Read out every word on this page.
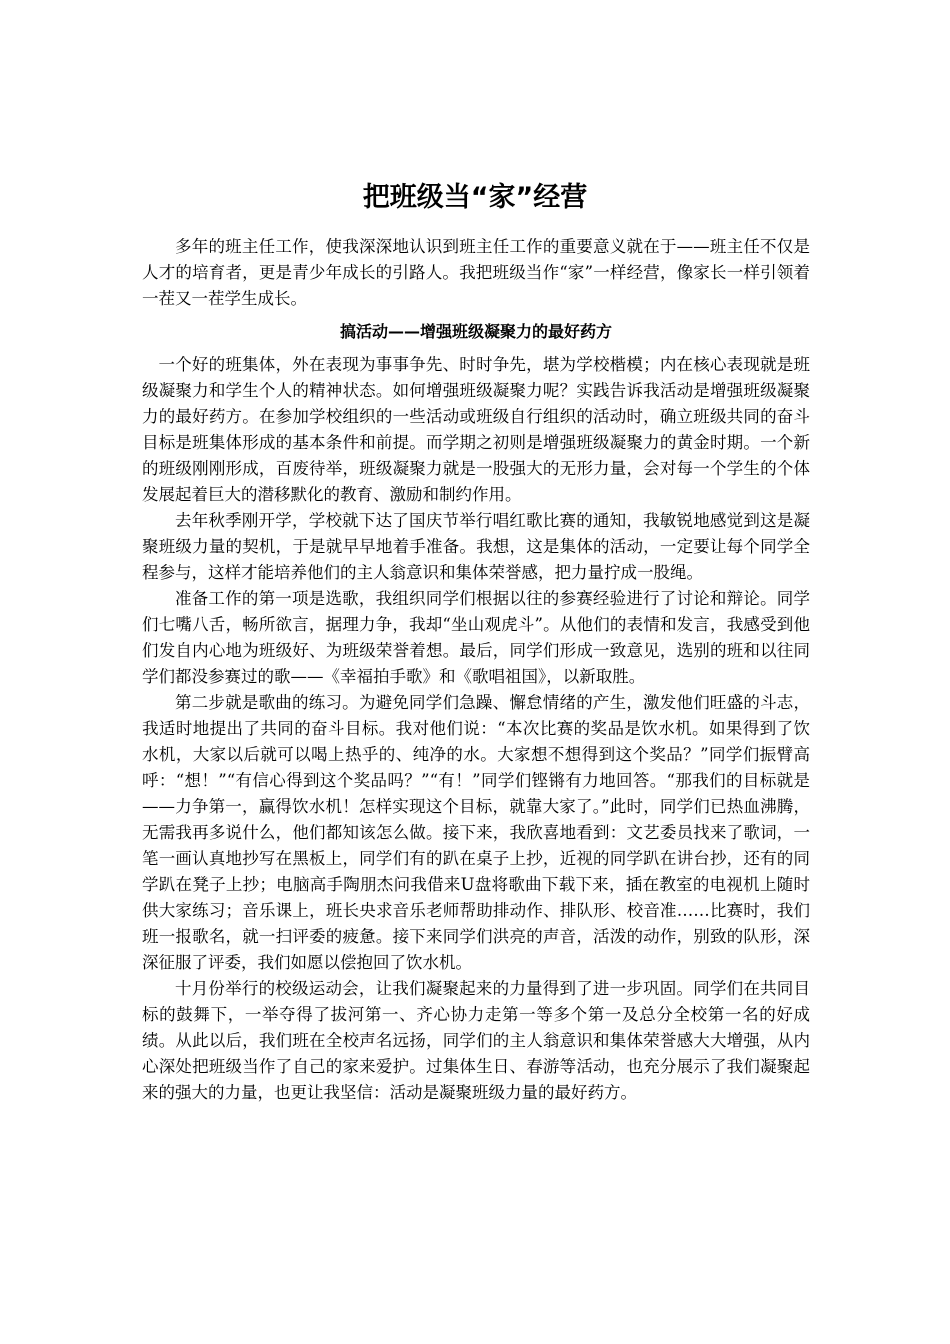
把班级当“家”经营

多年的班主任工作，使我深深地认识到班主任工作的重要意义就在于——班主任不仅是人才的培育者，更是青少年成长的引路人。我把班级当作“家”一样经营，像家长一样引领着一茬又一茬学生成长。

搞活动——增强班级凝聚力的最好药方

一个好的班集体，外在表现为事事争先、时时争先，堪为学校楷模；内在核心表现就是班级凝聚力和学生个人的精神状态。如何增强班级凝聚力呢？实践告诉我活动是增强班级凝聚力的最好药方。在参加学校组织的一些活动或班级自行组织的活动时，确立班级共同的奋斗目标是班集体形成的基本条件和前提。而学期之初则是增强班级凝聚力的黄金时期。一个新的班级刚刚形成，百废待举，班级凝聚力就是一股强大的无形力量，会对每一个学生的个体发展起着巨大的潜移默化的教育、激励和制约作用。

去年秋季刚开学，学校就下达了国庆节举行唱红歌比赛的通知，我敏锐地感觉到这是凝聚班级力量的契机，于是就早早地着手准备。我想，这是集体的活动，一定要让每个同学全程参与，这样才能培养他们的主人翁意识和集体荣誉感，把力量拧成一股绳。

准备工作的第一项是选歌，我组织同学们根据以往的参赛经验进行了讨论和辩论。同学们七嘴八舌，畅所欲言，据理力争，我却“坐山观虎斗”。从他们的表情和发言，我感受到他们发自内心地为班级好、为班级荣誉着想。最后，同学们形成一致意见，选别的班和以往同学们都没参赛过的歌——《幸福拍手歌》和《歌唱祖国》，以新取胜。

第二步就是歌曲的练习。为避免同学们急躁、懈怠情绪的产生，激发他们旺盛的斗志，我适时地提出了共同的奋斗目标。我对他们说：“本次比赛的奖品是饮水机。如果得到了饮水机，大家以后就可以喝上热乎的、纯净的水。大家想不想得到这个奖品？”同学们振臂高呼：“想！”“有信心得到这个奖品吗？”“有！”同学们铿锵有力地回答。“那我们的目标就是——力争第一，赢得饮水机！怎样实现这个目标，就靠大家了。”此时，同学们已热血沸腾，无需我再多说什么，他们都知该怎么做。接下来，我欣喜地看到：文艺委员找来了歌词，一笔一画认真地抄写在黑板上，同学们有的趴在桌子上抄，近视的同学趴在讲台抄，还有的同学趴在凳子上抄；电脑高手陶朋杰问我借来U盘将歌曲下载下来，插在教室的电视机上随时供大家练习；音乐课上，班长央求音乐老师帮助排动作、排队形、校音准……比赛时，我们班一报歌名，就一扫评委的疲惫。接下来同学们洪亮的声音，活泼的动作，别致的队形，深深征服了评委，我们如愿以偿抱回了饮水机。

十月份举行的校级运动会，让我们凝聚起来的力量得到了进一步巩固。同学们在共同目标的鼓舞下，一举夺得了拔河第一、齐心协力走第一等多个第一及总分全校第一名的好成绩。从此以后，我们班在全校声名远扬，同学们的主人翁意识和集体荣誉感大大增强，从内心深处把班级当作了自己的家来爱护。过集体生日、春游等活动，也充分展示了我们凝聚起来的强大的力量，也更让我坚信：活动是凝聚班级力量的最好药方。
